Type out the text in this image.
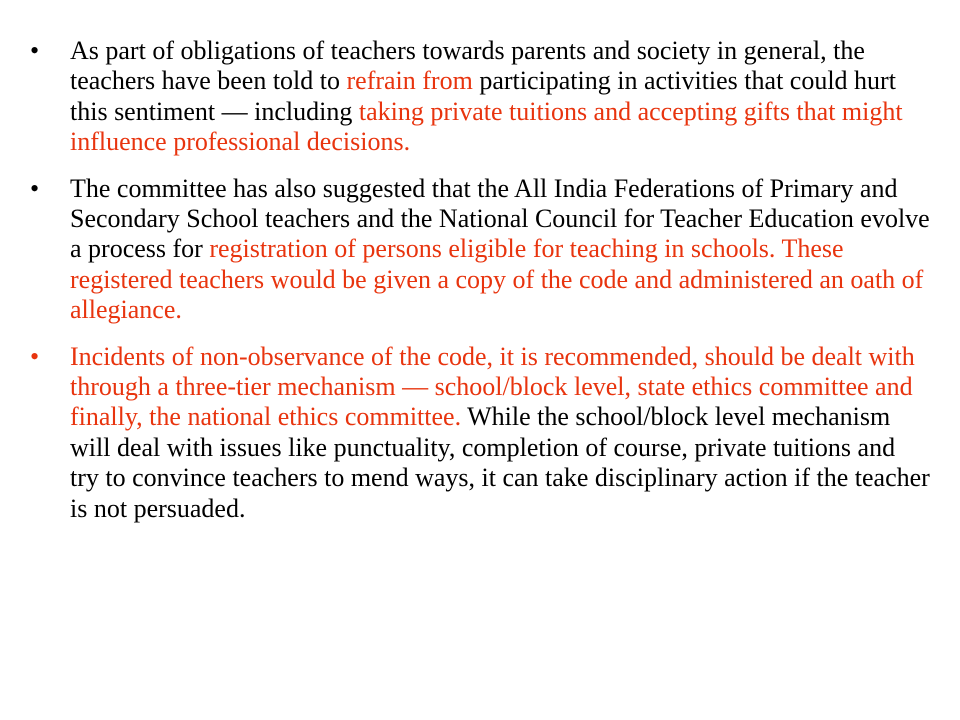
• As part of obligations of teachers towards parents and society in general, the teachers have been told to refrain from participating in activities that could hurt this sentiment — including taking private tuitions and accepting gifts that might influence professional decisions.
• The committee has also suggested that the All India Federations of Primary and Secondary School teachers and the National Council for Teacher Education evolve a process for registration of persons eligible for teaching in schools. These registered teachers would be given a copy of the code and administered an oath of allegiance.
• Incidents of non-observance of the code, it is recommended, should be dealt with through a three-tier mechanism — school/block level, state ethics committee and finally, the national ethics committee. While the school/block level mechanism will deal with issues like punctuality, completion of course, private tuitions and try to convince teachers to mend ways, it can take disciplinary action if the teacher is not persuaded.
